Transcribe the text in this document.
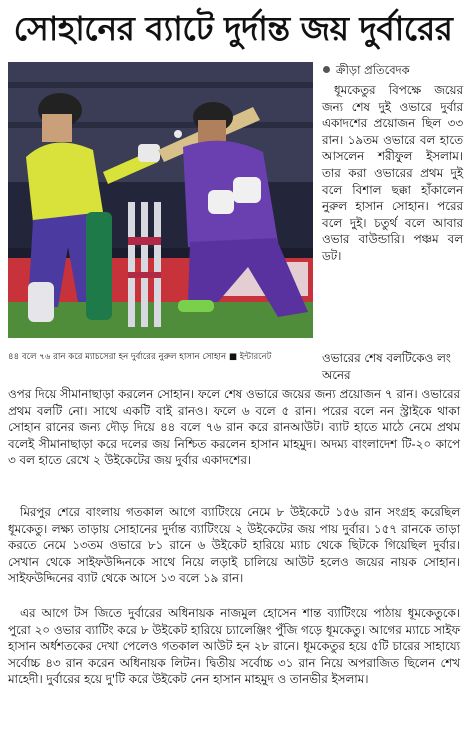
সোহানের ব্যাটে দুর্দান্ত জয় দুর্বারের
৪৪ বলে ৭৬ রান করে ম্যাচসেরা হন দুর্বারের নুরুল হাসান সোহান ■ ইন্টারনেট
ক্রীড়া প্রতিবেদক
ধূমকেতুর বিপক্ষে জয়ের জন্য শেষ দুই ওভারে দুর্বার একাদশের প্রয়োজন ছিল ৩৩ রান। ১৯তম ওভারে বল হাতে আসলেন শরীফুল ইসলাম। তার করা ওভারের প্রথম দুই বলে বিশাল ছক্কা হাঁকালেন নুরুল হাসান সোহান। পরের বলে দুই। চতুর্থ বলে আবার ওভার বাউন্ডারি। পঞ্চম বল ডট।
ওভারের শেষ বলটিকেও লং অনের
ওপর দিয়ে সীমানাছাড়া করলেন সোহান। ফলে শেষ ওভারে জয়ের জন্য প্রয়োজন ৭ রান। ওভারের প্রথম বলটি নো। সাথে একটি বাই রানও। ফলে ৬ বলে ৫ রান। পরের বলে নন স্ট্রাইকে থাকা সোহান রানের জন্য দৌড় দিয়ে ৪৪ বলে ৭৬ রান করে রানআউট। ব্যাট হাতে মাঠে নেমে প্রথম বলেই সীমানাছাড়া করে দলের জয় নিশ্চিত করলেন হাসান মাহমুদ। অদম্য বাংলাদেশ টি-২০ কাপে ৩ বল হাতে রেখে ২ উইকেটের জয় দুর্বার একাদশের।
মিরপুর শেরে বাংলায় গতকাল আগে ব্যাটিংয়ে নেমে ৮ উইকেটে ১৫৬ রান সংগ্রহ করেছিল ধূমকেতু। লক্ষ্য তাড়ায় সোহানের দুর্দান্ত ব্যাটিংয়ে ২ উইকেটের জয় পায় দুর্বার। ১৫৭ রানকে তাড়া করতে নেমে ১৩তম ওভারে ৮১ রানে ৬ উইকেট হারিয়ে ম্যাচ থেকে ছিটকে গিয়েছিল দুর্বার। সেখান থেকে সাইফউদ্দিনকে সাথে নিয়ে লড়াই চালিয়ে আউট হলেও জয়ের নায়ক সোহান। সাইফউদ্দিনের ব্যাট থেকে আসে ১৩ বলে ১৯ রান।
এর আগে টস জিতে দুর্বারের অধিনায়ক নাজমুল হোসেন শান্ত ব্যাটিংয়ে পাঠায় ধূমকেতুকে। পুরো ২০ ওভার ব্যাটিং করে ৮ উইকেট হারিয়ে চ্যালেঞ্জিং পুঁজি গড়ে ধূমকেতু। আগের ম্যাচে সাইফ হাসান অর্ধশতকের দেখা পেলেও গতকাল আউট হন ২৮ রানে। ধূমকেতুর হয়ে ৫টি চারের সাহায্যে সর্বোচ্চ ৪৩ রান করেন অধিনায়ক লিটন। দ্বিতীয় সর্বোচ্চ ৩১ রান নিয়ে অপরাজিত ছিলেন শেখ মাহেদী। দুর্বারের হয়ে দু'টি করে উইকেট নেন হাসান মাহমুদ ও তানভীর ইসলাম।
